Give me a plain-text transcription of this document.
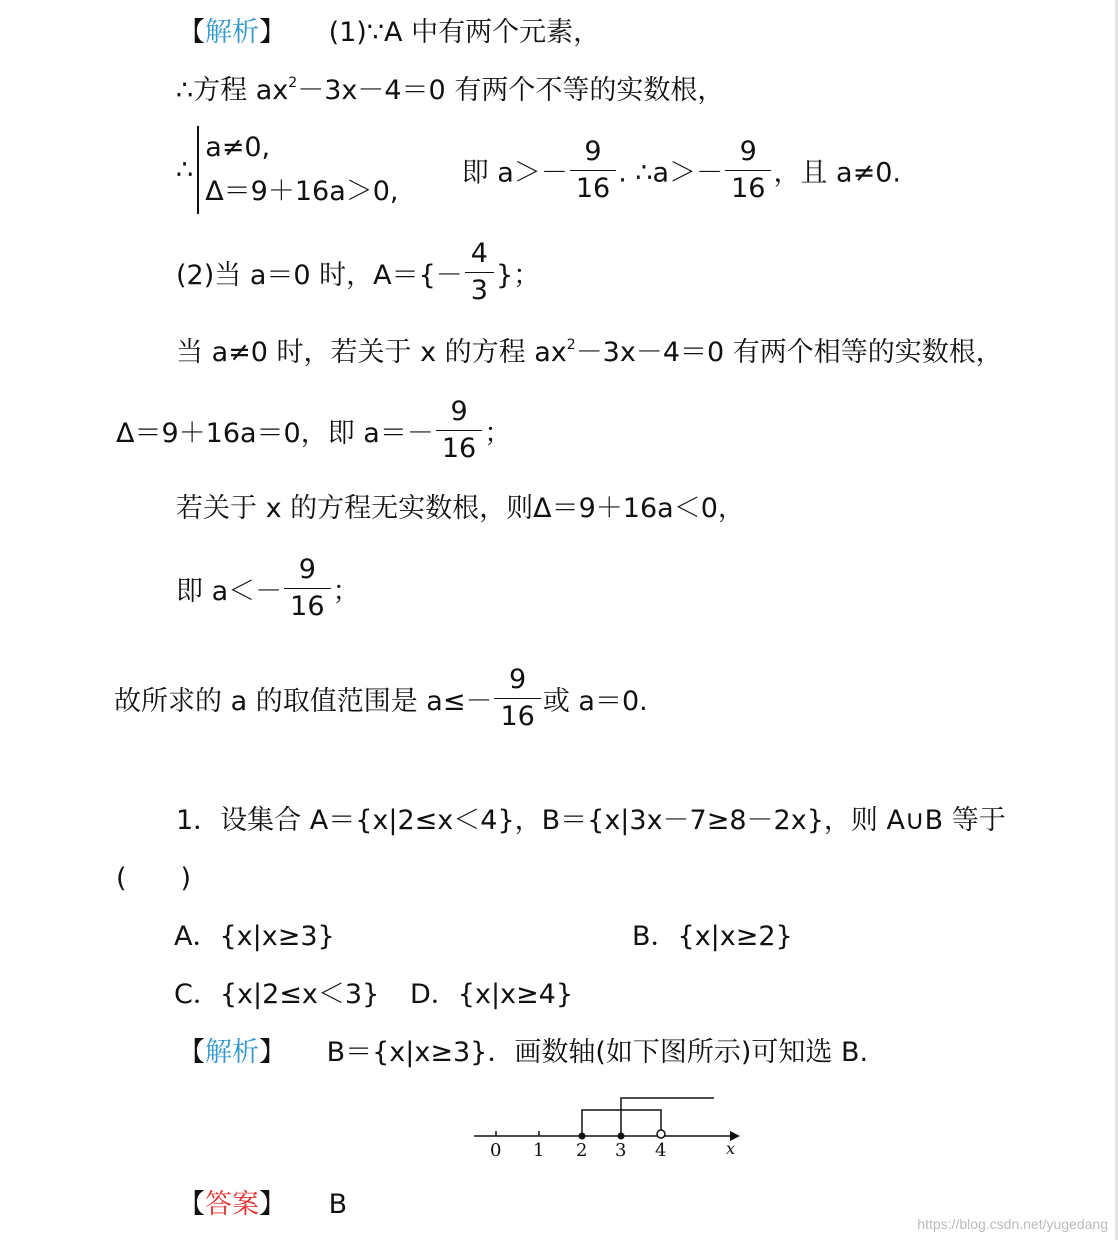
【解析】 (1)∵A 中有两个元素，
∴方程 $ax^2-3x-4=0$ 有两个不等的实数根，
∴
a≠0,
Δ＝9＋16a＞0,
即 $a>- \frac{9}{16}$ . ∴a＞－ $\frac{9}{16}$ ，且 a≠0.
(2)当 a＝0 时，$A=\{- \frac{4}{3}$ }；
当 a≠0 时，若关于 x 的方程 $ax^2-3x-4=0$ 有两个相等的实数根，
Δ＝9＋16a＝0，即 $a=- \frac{9}{16}$ ；
若关于 x 的方程无实数根，则Δ＝9＋16a＜0，
即 $a<- \frac{9}{16}$ ；
故所求的 a 的取值范围是 $a\le- \frac{9}{16}$ 或 a＝0.
1．设集合 A＝{x|2≤x＜4}，B＝{x|3x－7≥8－2x}，则 A∪B 等于
(　　)
A．{x|x≥3}	B．{x|x≥2}
C．{x|2≤x＜3} D．{x|x≥4}
【解析】 B＝{x|x≥3}．画数轴(如下图所示)可知选 B.
0 1 2 3 4	x
【答案】 B
https://blog.csdn.net/yugedang
